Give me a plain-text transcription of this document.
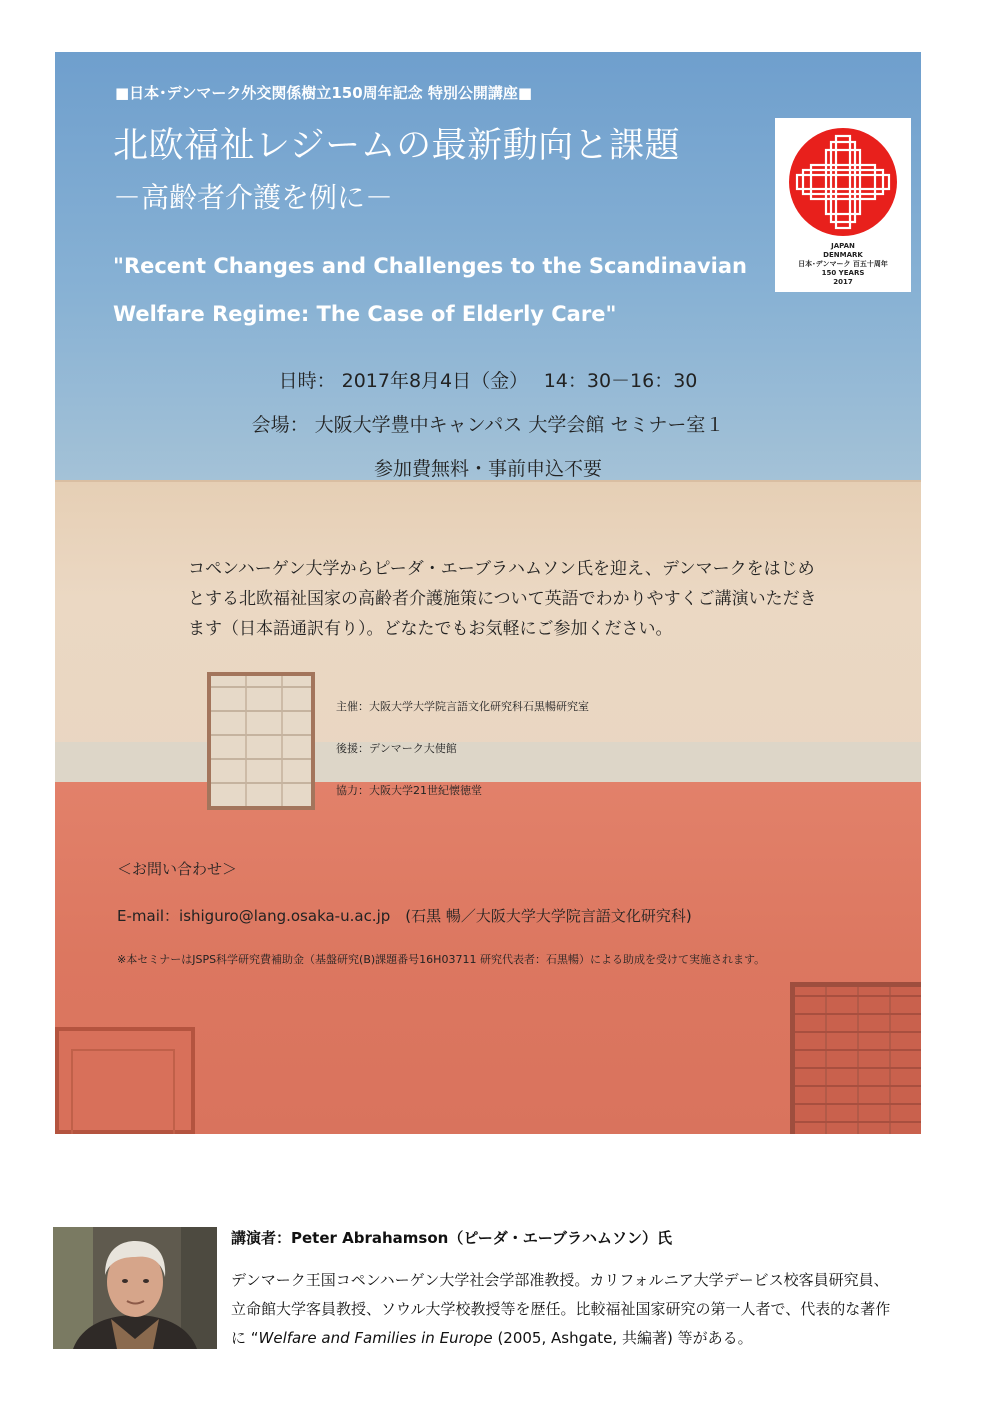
■日本･デンマーク外交関係樹立150周年記念 特別公開講座■
北欧福祉レジームの最新動向と課題
－高齢者介護を例に－
"Recent Changes and Challenges to the Scandinavian
Welfare Regime: The Case of Elderly Care"
JAPAN
DENMARK
日本･デンマーク 百五十周年
150 YEARS
2017
日時： 2017年8月4日（金）　 14：30－16：30
会場： 大阪大学豊中キャンパス 大学会館 セミナー室１
参加費無料・事前申込不要
コペンハーゲン大学からピーダ・エーブラハムソン氏を迎え、デンマークをはじめとする北欧福祉国家の高齢者介護施策について英語でわかりやすくご講演いただきます（日本語通訳有り）。どなたでもお気軽にご参加ください。
主催：大阪大学大学院言語文化研究科石黒暢研究室
後援：デンマーク大使館
協力：大阪大学21世紀懐徳堂
＜お問い合わせ＞
E-mail：ishiguro@lang.osaka-u.ac.jp　(石黒 暢／大阪大学大学院言語文化研究科)
※本セミナーはJSPS科学研究費補助金（基盤研究(B)課題番号16H03711 研究代表者：石黒暢）による助成を受けて実施されます。
講演者：Peter Abrahamson（ピーダ・エーブラハムソン）氏
デンマーク王国コペンハーゲン大学社会学部准教授。カリフォルニア大学デービス校客員研究員、
立命館大学客員教授、ソウル大学校教授等を歴任。比較福祉国家研究の第一人者で、代表的な著作
に “Welfare and Families in Europe (2005, Ashgate, 共編著) 等がある。
